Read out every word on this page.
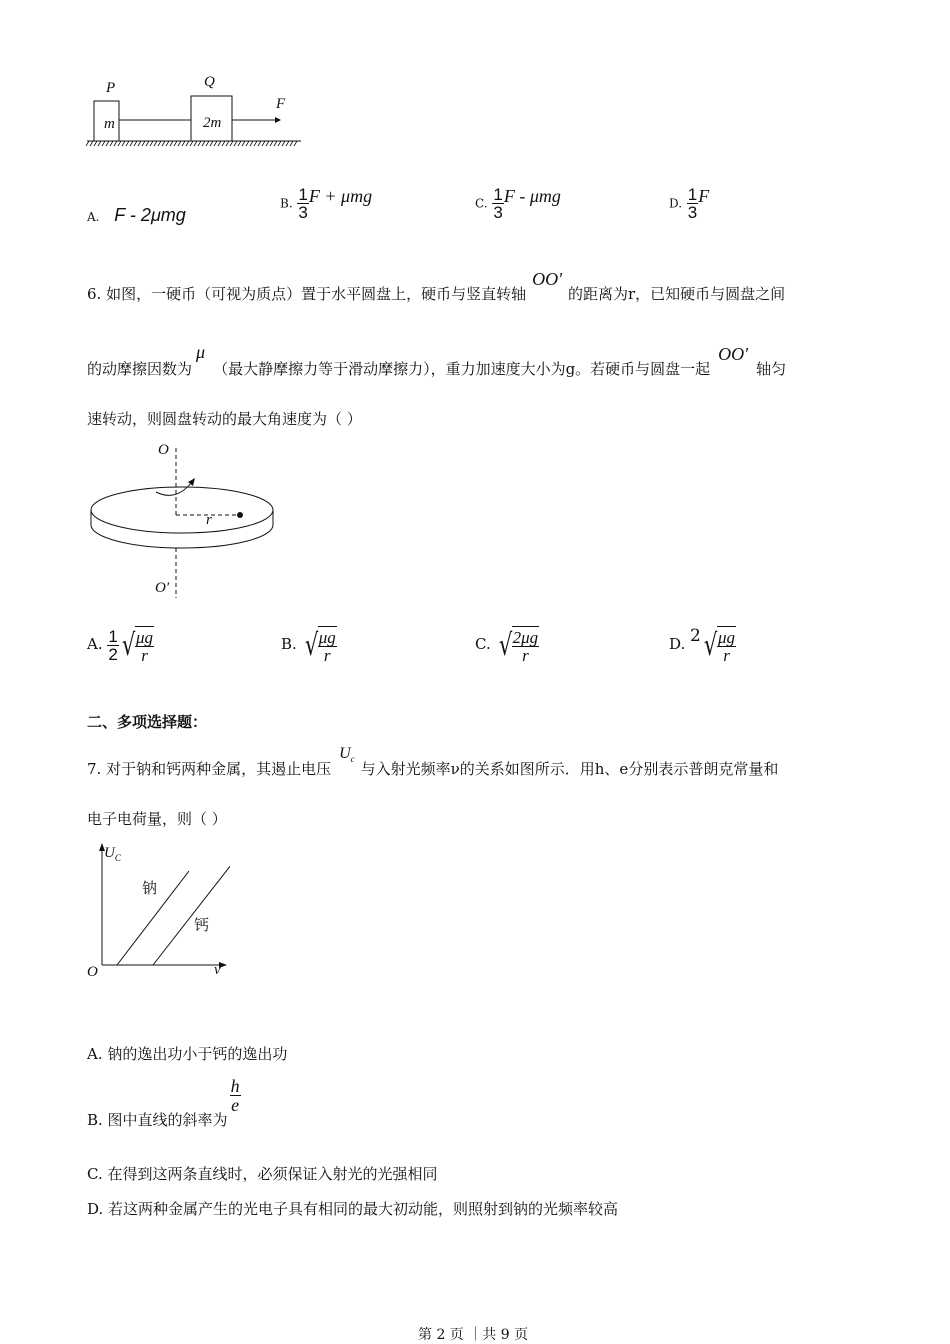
P	Q
m	2m
F
A. F - 2μmg
B. $\frac{1}{3}$ F + μmg	C. $\frac{1}{3}$ F - μmg	D. $\frac{1}{3}$ F
6. 如图，一硬币（可视为质点）置于水平圆盘上，硬币与竖直转轴OO'的距离为r，已知硬币与圆盘之间
的动摩擦因数为μ（最大静摩擦力等于滑动摩擦力），重力加速度大小为g。若硬币与圆盘一起OO′轴匀
速转动，则圆盘转动的最大角速度为（ ）
O
r
O′
A. $\frac{1}{2}$ √ $\frac{\mu g}{r}$	B. √ $\frac{\mu g}{r}$	C. √ $\frac{2\mu g}{r}$	D. 2 √ $\frac{\mu g}{r}$
二、多项选择题：
7. 对于钠和钙两种金属，其遏止电压$U_c$与入射光频率ν的关系如图所示．用h、e分别表示普朗克常量和
电子电荷量，则（ ）
$U_C$
v
O
钠
钙
A. 钠的逸出功小于钙的逸出功
B. 图中直线的斜率为
$\frac{h}{e}$
C. 在得到这两条直线时，必须保证入射光的光强相同
D. 若这两种金属产生的光电子具有相同的最大初动能，则照射到钠的光频率较高
第 2 页 ｜共 9 页
